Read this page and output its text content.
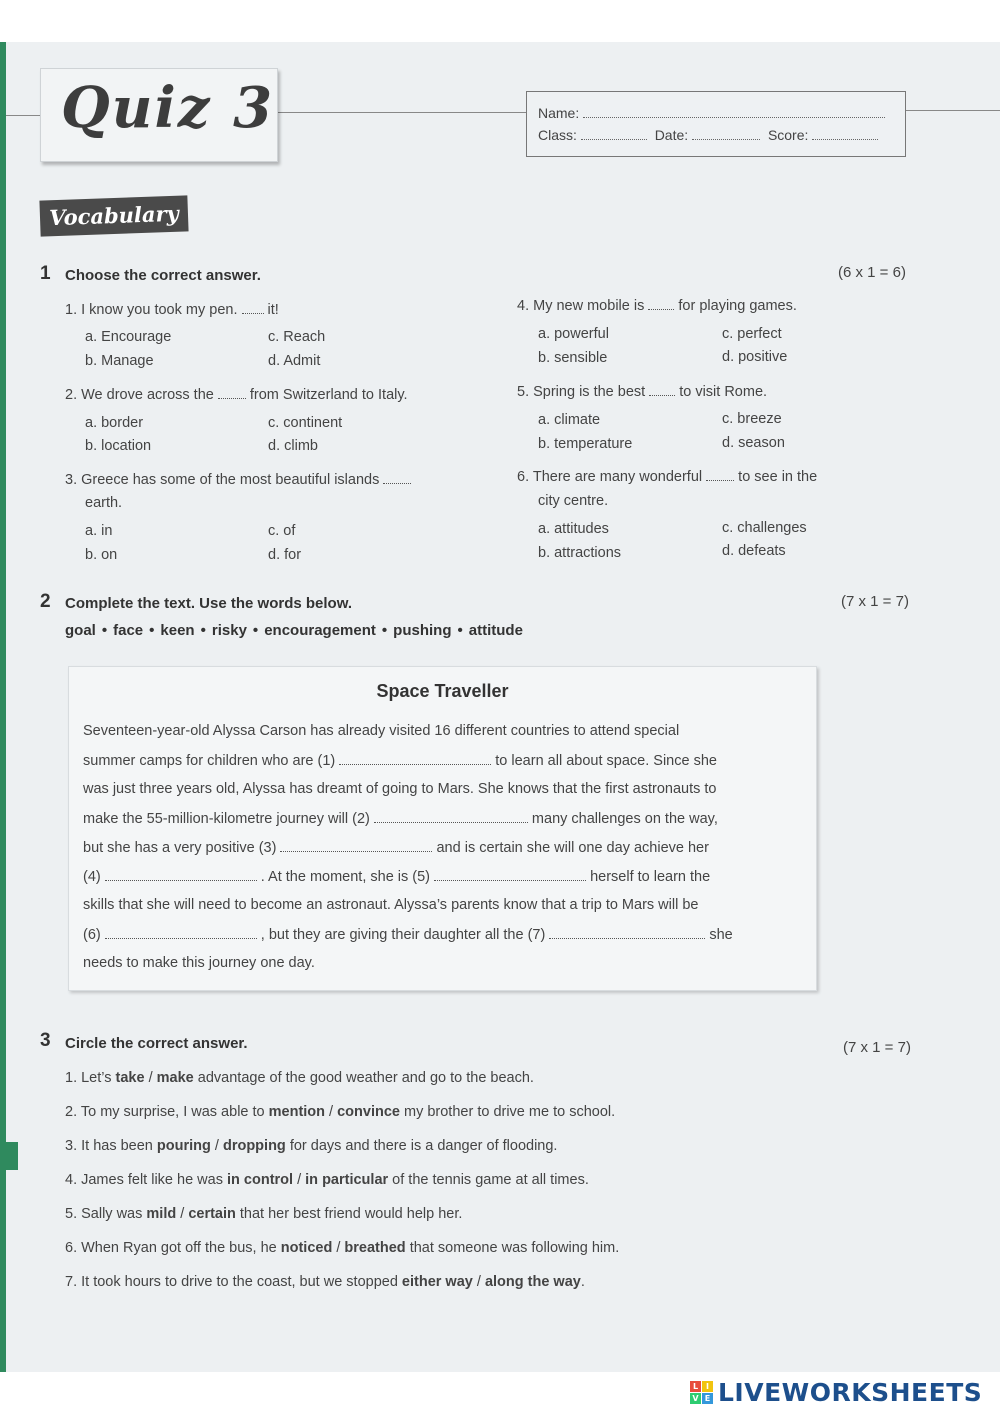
Quiz 3	Name:
Class:	Date:	Score:
Vocabulary
1 Choose the correct answer.	(6 x 1 = 6)
1. I know you took my pen.  it!
a. Encourage
b. Manage
c. Reach
d. Admit
2. We drove across the  from Switzerland to Italy.
a. border
b. location
c. continent
d. climb
3. Greece has some of the most beautiful islands
earth.
a. in
b. on
c. of
d. for
4. My new mobile is  for playing games.
a. powerful
b. sensible
c. perfect
d. positive
5. Spring is the best  to visit Rome.
a. climate
b. temperature
c. breeze
d. season
6. There are many wonderful  to see in the
city centre.
a. attitudes
b. attractions
c. challenges
d. defeats
2 Complete the text. Use the words below.	(7 x 1 = 7)
goal • face • keen • risky • encouragement • pushing • attitude
Space Traveller
Seventeen-year-old Alyssa Carson has already visited 16 different countries to attend special
summer camps for children who are (1)	to learn all about space. Since she
was just three years old, Alyssa has dreamt of going to Mars. She knows that the first astronauts to
make the 55-million-kilometre journey will (2)	many challenges on the way,
but she has a very positive (3)	and is certain she will one day achieve her
(4)	. At the moment, she is (5)	herself to learn the
skills that she will need to become an astronaut. Alyssa’s parents know that a trip to Mars will be
(6)	, but they are giving their daughter all the (7)	she
needs to make this journey one day.
3 Circle the correct answer.	(7 x 1 = 7)
1. Let’s take / make advantage of the good weather and go to the beach.
2. To my surprise, I was able to mention / convince my brother to drive me to school.
3. It has been pouring / dropping for days and there is a danger of flooding.
4. James felt like he was in control / in particular of the tennis game at all times.
5. Sally was mild / certain that her best friend would help her.
6. When Ryan got off the bus, he noticed / breathed that someone was following him.
7. It took hours to drive to the coast, but we stopped either way / along the way.
L I
V E LIVEWORKSHEETS
